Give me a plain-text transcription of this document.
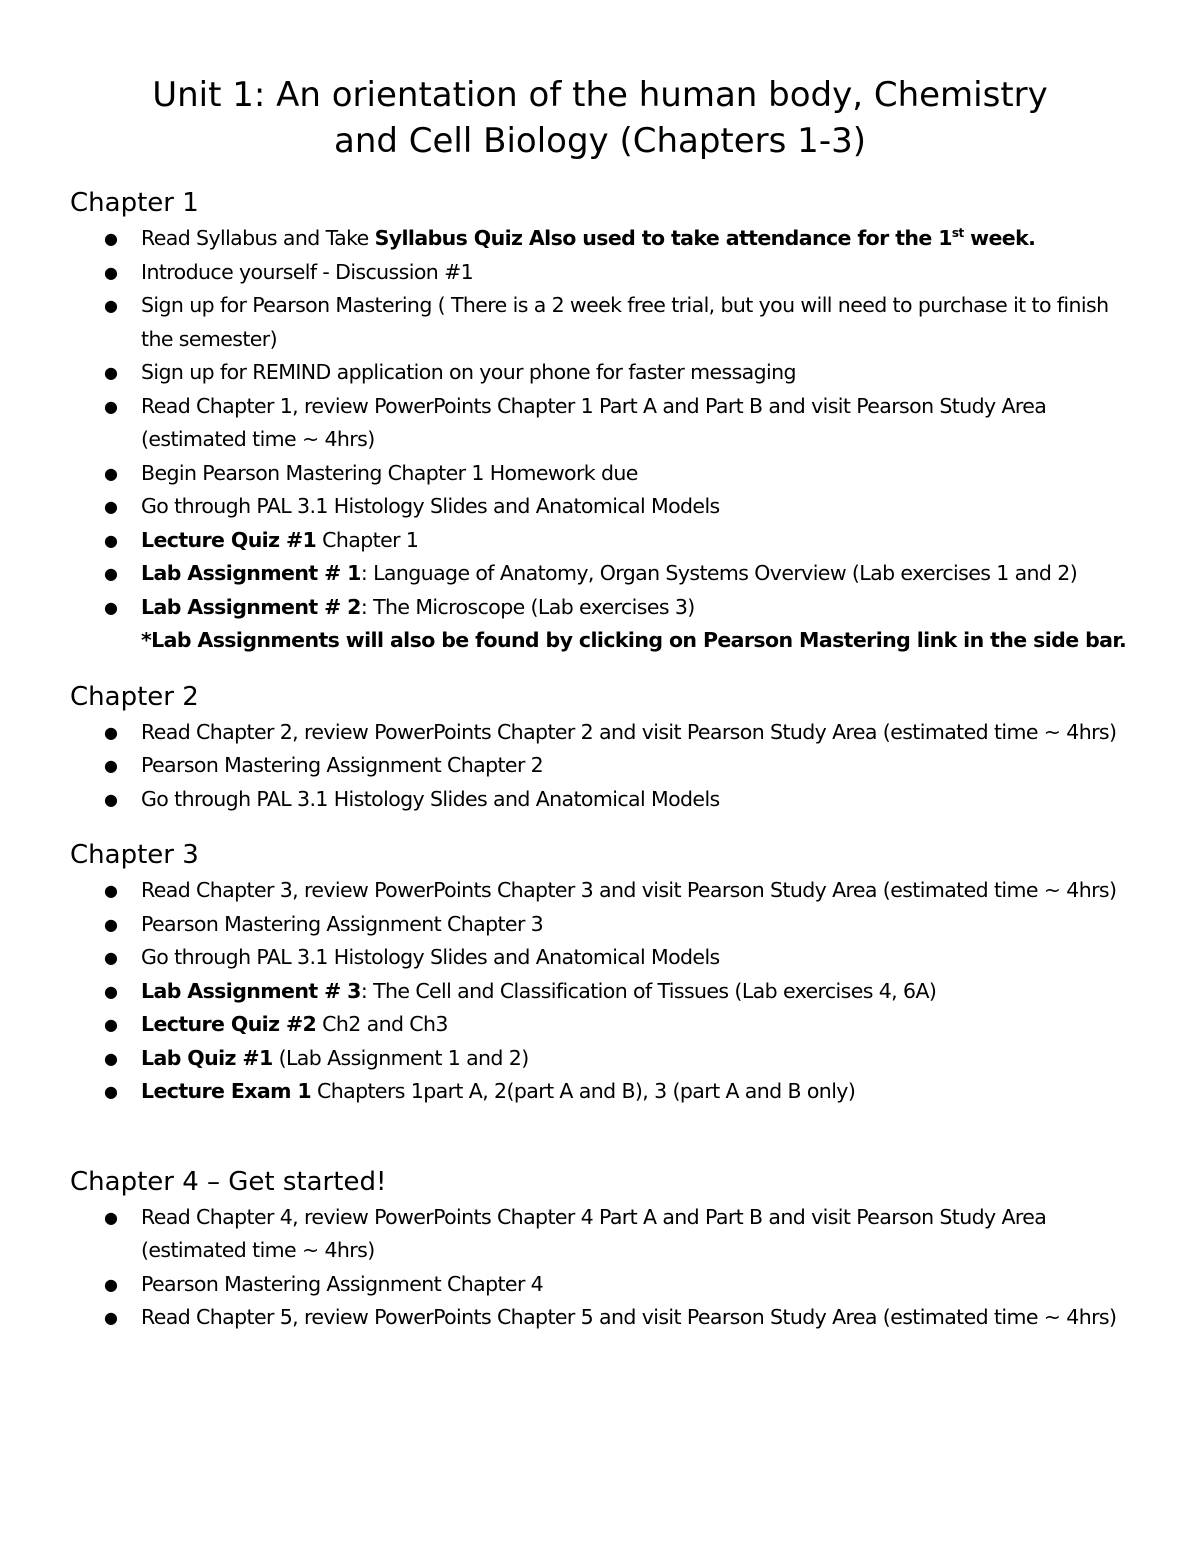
Unit 1: An orientation of the human body, Chemistry
and Cell Biology (Chapters 1-3)
Chapter 1
● Read Syllabus and Take Syllabus Quiz Also used to take attendance for the 1st week.
● Introduce yourself - Discussion #1
● Sign up for Pearson Mastering ( There is a 2 week free trial, but you will need to purchase it to finish the semester)
● Sign up for REMIND application on your phone for faster messaging
● Read Chapter 1, review PowerPoints Chapter 1 Part A and Part B and visit Pearson Study Area (estimated time ~ 4hrs)
● Begin Pearson Mastering Chapter 1 Homework due
● Go through PAL 3.1 Histology Slides and Anatomical Models
● Lecture Quiz #1 Chapter 1
● Lab Assignment # 1: Language of Anatomy, Organ Systems Overview (Lab exercises 1 and 2)
● Lab Assignment # 2: The Microscope (Lab exercises 3)
*Lab Assignments will also be found by clicking on Pearson Mastering link in the side bar.
Chapter 2
● Read Chapter 2, review PowerPoints Chapter 2 and visit Pearson Study Area (estimated time ~ 4hrs)
● Pearson Mastering Assignment Chapter 2
● Go through PAL 3.1 Histology Slides and Anatomical Models
Chapter 3
● Read Chapter 3, review PowerPoints Chapter 3 and visit Pearson Study Area (estimated time ~ 4hrs)
● Pearson Mastering Assignment Chapter 3
● Go through PAL 3.1 Histology Slides and Anatomical Models
● Lab Assignment # 3: The Cell and Classification of Tissues (Lab exercises 4, 6A)
● Lecture Quiz #2 Ch2 and Ch3
● Lab Quiz #1 (Lab Assignment 1 and 2)
● Lecture Exam 1 Chapters 1part A, 2(part A and B), 3 (part A and B only)
Chapter 4 – Get started!
● Read Chapter 4, review PowerPoints Chapter 4 Part A and Part B and visit Pearson Study Area (estimated time ~ 4hrs)
● Pearson Mastering Assignment Chapter 4
● Read Chapter 5, review PowerPoints Chapter 5 and visit Pearson Study Area (estimated time ~ 4hrs)
